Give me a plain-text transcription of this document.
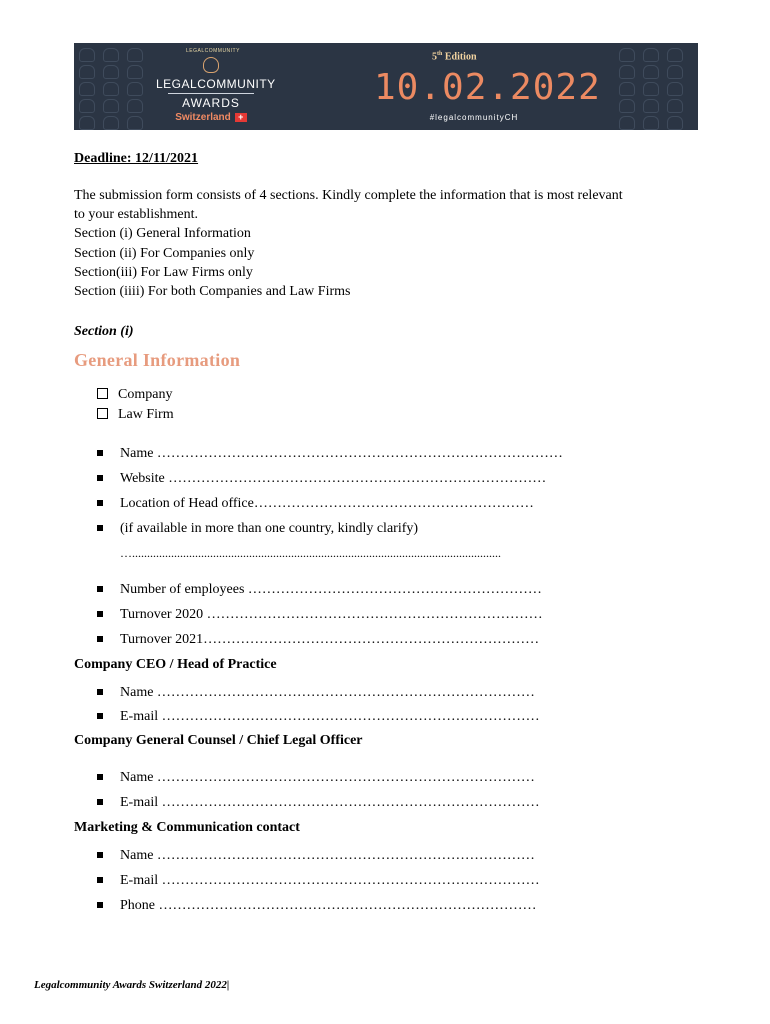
LEGALCOMMUNITY
LEGALCOMMUNITY
AWARDS
Switzerland +
5th Edition
10.02.2022
#legalcommunityCH
Deadline: 12/11/2021
The submission form consists of 4 sections. Kindly complete the information that is most relevant
to your establishment.
Section (i) General Information
Section (ii) For Companies only
Section(iii) For Law Firms only
Section (iiii) For both Companies and Law Firms
Section (i)
General Information
Company
Law Firm
Name ……………………………………………………………………………
Website ………………………………………………………………………
Location of Head office……………………………………………………
(if available in more than one country, kindly clarify)
…...........................................................................................................................
Number of employees ………………………………………………………
Turnover 2020 ………………………………………………………………
Turnover 2021………………………………………………………………
Company CEO / Head of Practice
Name ………………………………………………………………………
E-mail ………………………………………………………………………
Company General Counsel / Chief Legal Officer
Name ………………………………………………………………………
E-mail ………………………………………………………………………
Marketing & Communication contact
Name ………………………………………………………………………
E-mail ………………………………………………………………………
Phone ………………………………………………………………………
Legalcommunity Awards Switzerland 2022|
